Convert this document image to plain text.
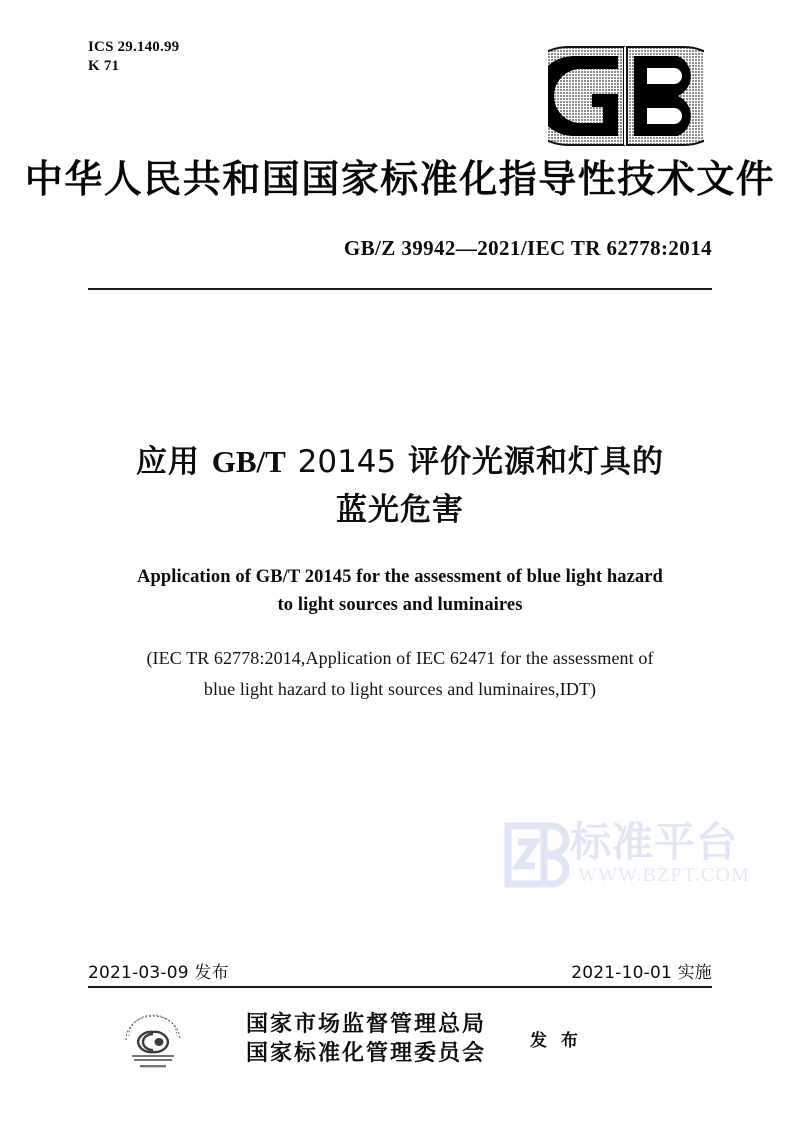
ICS 29.140.99
K 71
中华人民共和国国家标准化指导性技术文件
GB/Z 39942—2021/IEC TR 62778:2014
应用 GB/T 20145 评价光源和灯具的
蓝光危害
Application of GB/T 20145 for the assessment of blue light hazard
to light sources and luminaires
(IEC TR 62778:2014,Application of IEC 62471 for the assessment of
blue light hazard to light sources and luminaires,IDT)
标准平台
WWW.BZPT.COM
2021-03-09 发布	2021-10-01 实施
国家市场监督管理总局
国家标准化管理委员会	发 布
